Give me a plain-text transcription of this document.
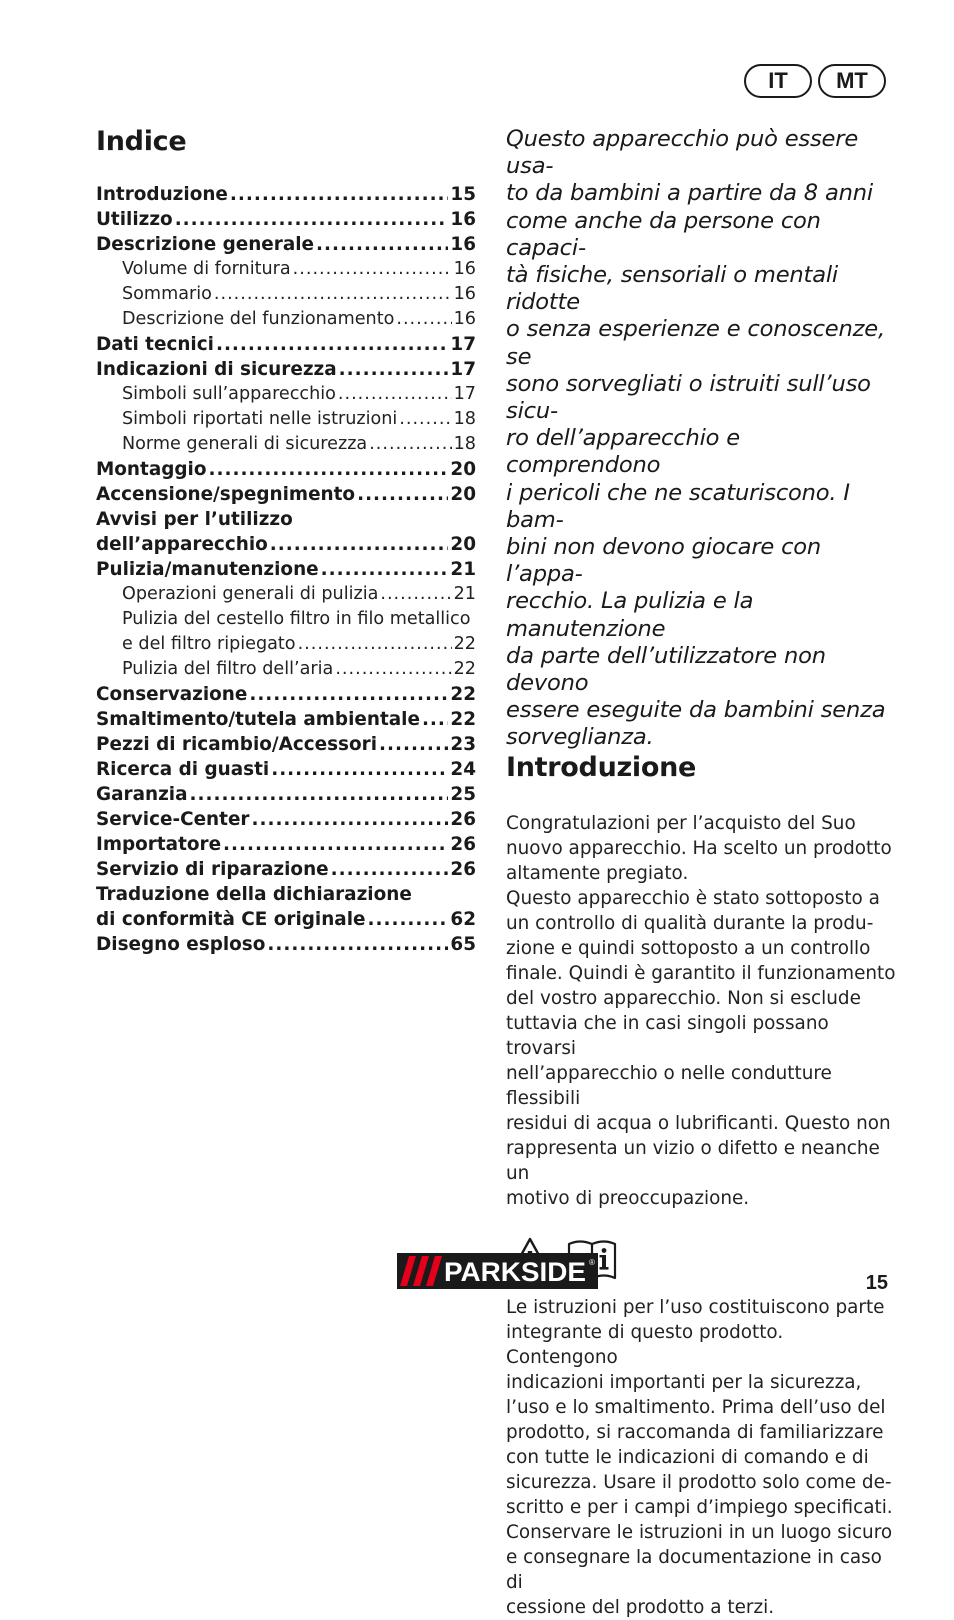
IT	MT
Indice
Introduzione .....	15
Utilizzo .....	16
Descrizione generale .....	16
Volume di fornitura .....	16
Sommario .....	16
Descrizione del funzionamento .....	16
Dati tecnici .....	17
Indicazioni di sicurezza .....	17
Simboli sull’apparecchio .....	17
Simboli riportati nelle istruzioni .....	18
Norme generali di sicurezza .....	18
Montaggio .....	20
Accensione/spegnimento .....	20
Avvisi per l’utilizzo
dell’apparecchio .....	20
Pulizia/manutenzione .....	21
Operazioni generali di pulizia .....	21
Pulizia del cestello filtro in filo metallico
e del filtro ripiegato .....	22
Pulizia del filtro dell’aria .....	22
Conservazione .....	22
Smaltimento/tutela ambientale ..... 22
Pezzi di ricambio/Accessori .....	23
Ricerca di guasti .....	24
Garanzia .....	25
Service-Center .....	26
Importatore .....	26
Servizio di riparazione .....	26
Traduzione della dichiarazione
di conformità CE originale .....	62
Disegno esploso .....	65

Questo apparecchio può essere usa-
to da bambini a partire da 8 anni
come anche da persone con capaci-
tà fisiche, sensoriali o mentali ridotte
o senza esperienze e conoscenze, se
sono sorvegliati o istruiti sull’uso sicu-
ro dell’apparecchio e comprendono
i pericoli che ne scaturiscono. I bam-
bini non devono giocare con l’appa-
recchio. La pulizia e la manutenzione
da parte dell’utilizzatore non devono
essere eseguite da bambini senza
sorveglianza.

Introduzione

Congratulazioni per l’acquisto del Suo
nuovo apparecchio. Ha scelto un prodotto
altamente pregiato.
Questo apparecchio è stato sottoposto a
un controllo di qualità durante la produ-
zione e quindi sottoposto a un controllo
finale. Quindi è garantito il funzionamento
del vostro apparecchio. Non si esclude
tuttavia che in casi singoli possano trovarsi
nell’apparecchio o nelle condutture flessibili
residui di acqua o lubrificanti. Questo non
rappresenta un vizio o difetto e neanche un
motivo di preoccupazione.

Le istruzioni per l’uso costituiscono parte
integrante di questo prodotto. Contengono
indicazioni importanti per la sicurezza,
l’uso e lo smaltimento. Prima dell’uso del
prodotto, si raccomanda di familiarizzare
con tutte le indicazioni di comando e di
sicurezza. Usare il prodotto solo come de-
scritto e per i campi d’impiego specificati.
Conservare le istruzioni in un luogo sicuro
e consegnare la documentazione in caso di
cessione del prodotto a terzi.

PARKSIDE ®
15
